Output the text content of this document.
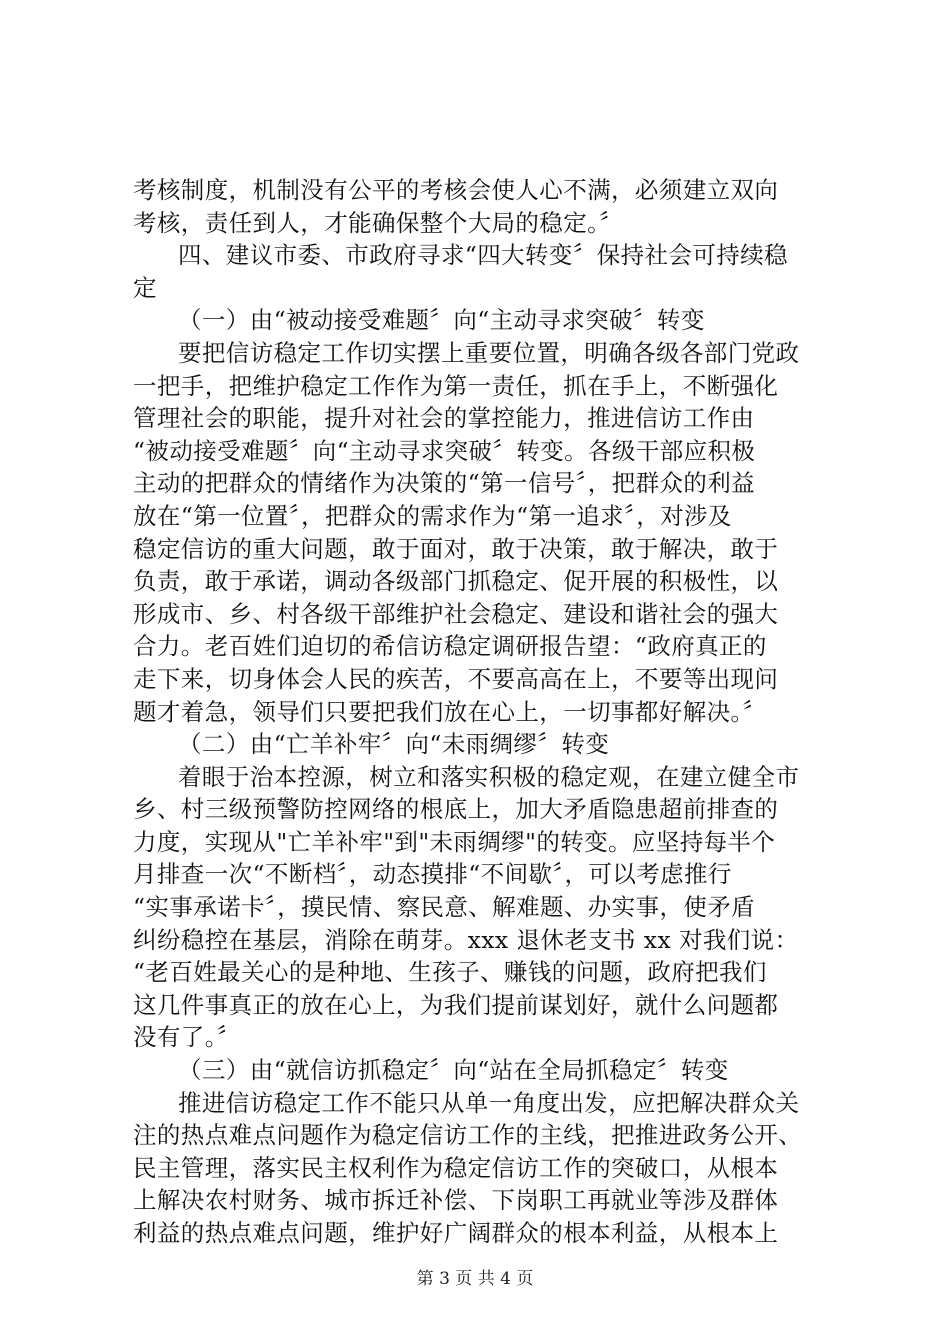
考核制度，机制没有公平的考核会使人心不满，必须建立双向
考核，责任到人，才能确保整个大局的稳定。〞
四、建议市委、市政府寻求“四大转变〞保持社会可持续稳
定
（一）由“被动接受难题〞向“主动寻求突破〞转变
要把信访稳定工作切实摆上重要位置，明确各级各部门党政
一把手，把维护稳定工作作为第一责任，抓在手上，不断强化
管理社会的职能，提升对社会的掌控能力，推进信访工作由
“被动接受难题〞向“主动寻求突破〞转变。各级干部应积极
主动的把群众的情绪作为决策的“第一信号〞，把群众的利益
放在“第一位置〞，把群众的需求作为“第一追求〞，对涉及
稳定信访的重大问题，敢于面对，敢于决策，敢于解决，敢于
负责，敢于承诺，调动各级部门抓稳定、促开展的积极性，以
形成市、乡、村各级干部维护社会稳定、建设和谐社会的强大
合力。老百姓们迫切的希信访稳定调研报告望：“政府真正的
走下来，切身体会人民的疾苦，不要高高在上，不要等出现问
题才着急，领导们只要把我们放在心上，一切事都好解决。〞
（二）由“亡羊补牢〞向“未雨绸缪〞转变
着眼于治本控源，树立和落实积极的稳定观，在建立健全市
乡、村三级预警防控网络的根底上，加大矛盾隐患超前排查的
力度，实现从"亡羊补牢"到"未雨绸缪"的转变。应坚持每半个
月排查一次“不断档〞，动态摸排“不间歇〞，可以考虑推行
“实事承诺卡〞，摸民情、察民意、解难题、办实事，使矛盾
纠纷稳控在基层，消除在萌芽。xxx 退休老支书 xx 对我们说：
“老百姓最关心的是种地、生孩子、赚钱的问题，政府把我们
这几件事真正的放在心上，为我们提前谋划好，就什么问题都
没有了。〞
（三）由“就信访抓稳定〞向“站在全局抓稳定〞转变
推进信访稳定工作不能只从单一角度出发，应把解决群众关
注的热点难点问题作为稳定信访工作的主线，把推进政务公开、
民主管理，落实民主权利作为稳定信访工作的突破口，从根本
上解决农村财务、城市拆迁补偿、下岗职工再就业等涉及群体
利益的热点难点问题，维护好广阔群众的根本利益，从根本上
第 3 页 共 4 页
